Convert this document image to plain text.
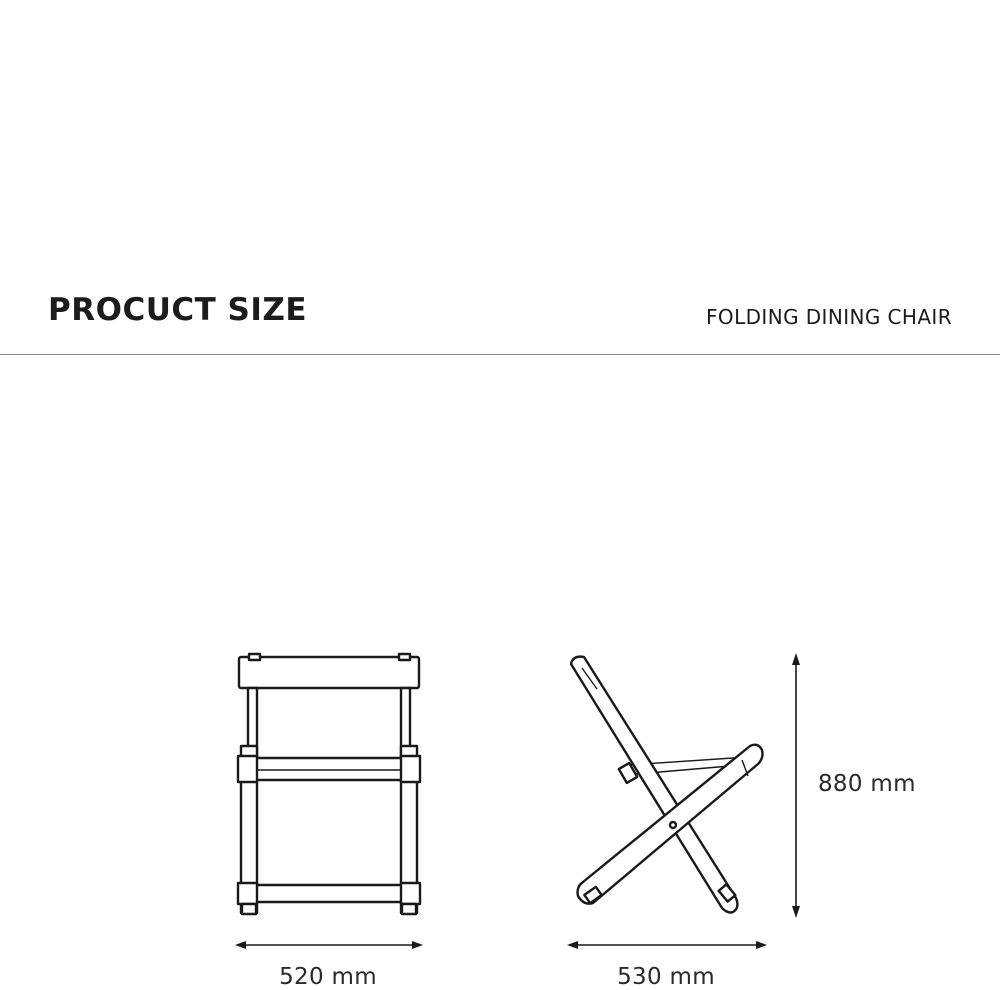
PROCUCT SIZE	FOLDING DINING CHAIR
520 mm	530 mm
880 mm
